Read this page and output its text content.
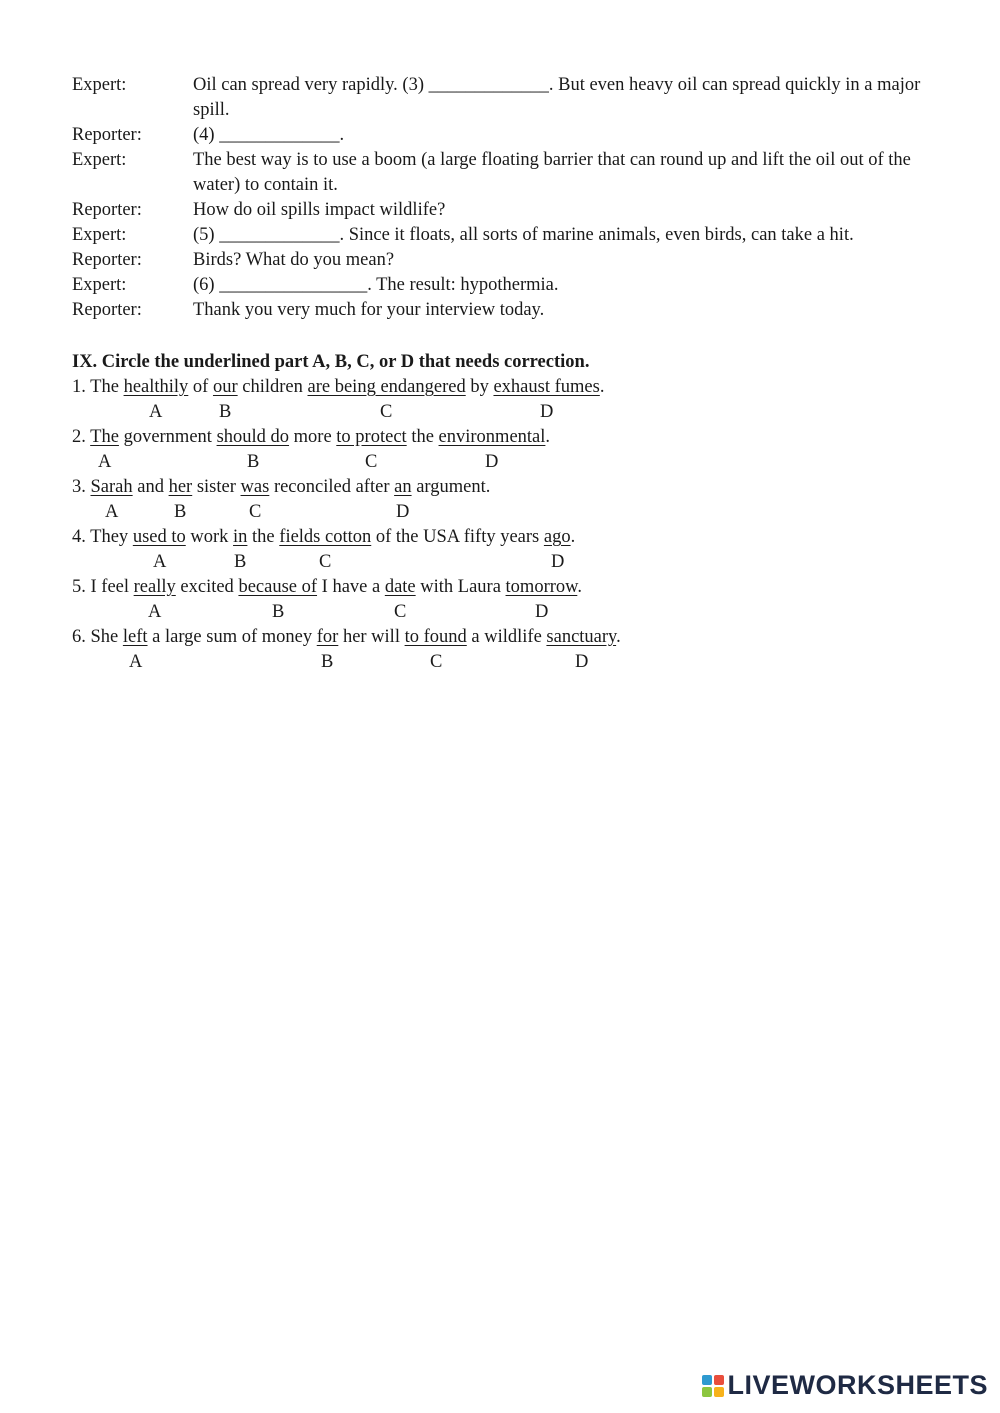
Expert:	Oil can spread very rapidly. (3) _____________. But even heavy oil can spread quickly in a major spill.
Reporter:	(4) _____________.
Expert:	The best way is to use a boom (a large floating barrier that can round up and lift the oil out of the water) to contain it.
Reporter:	How do oil spills impact wildlife?
Expert:	(5) _____________. Since it floats, all sorts of marine animals, even birds, can take a hit.
Reporter:	Birds? What do you mean?
Expert:	(6) ________________. The result: hypothermia.
Reporter:	Thank you very much for your interview today.

IX. Circle the underlined part A, B, C, or D that needs correction.

1. The healthily of our children are being endangered by exhaust fumes.
A	B	C	D
2. The government should do more to protect the environmental.
A	B	C	D
3. Sarah and her sister was reconciled after an argument.
A	B	C	D
4. They used to work in the fields cotton of the USA fifty years ago.
A	B	C	D
5. I feel really excited because of I have a date with Laura tomorrow.
A	B	C	D
6. She left a large sum of money for her will to found a wildlife sanctuary.
A	B	C	D
LIVEWORKSHEETS
